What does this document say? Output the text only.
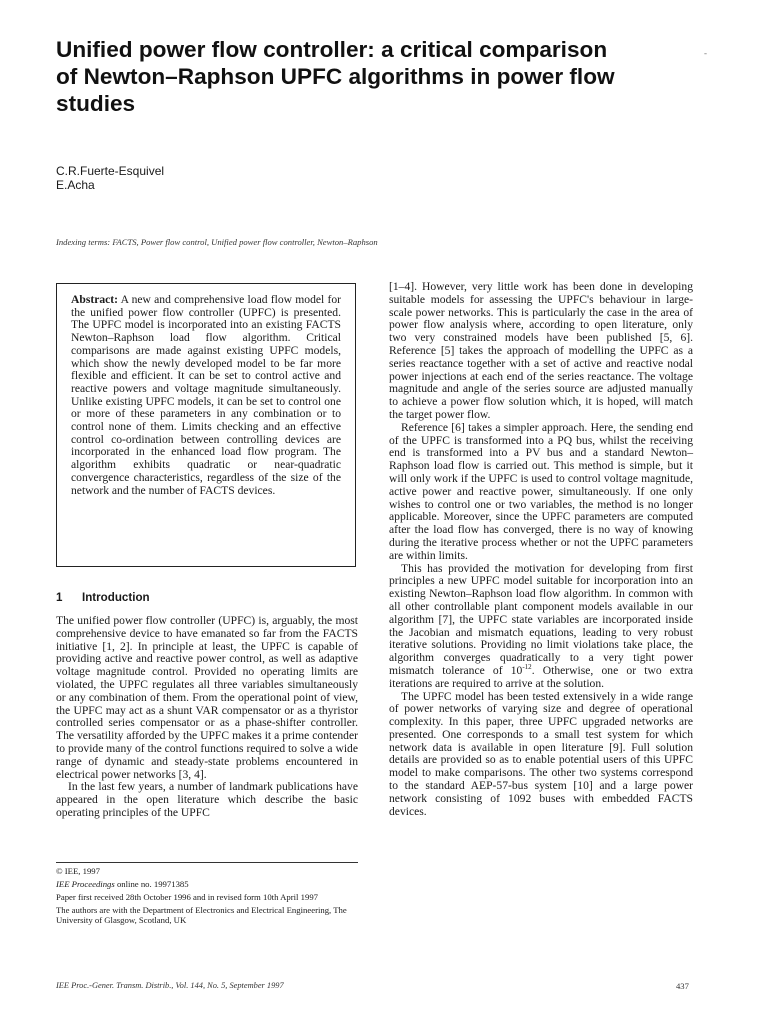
Unified power flow controller: a critical comparison
of Newton–Raphson UPFC algorithms in power flow
studies
-
C.R.Fuerte-Esquivel
E.Acha
Indexing terms: FACTS, Power flow control, Unified power flow controller, Newton–Raphson

Abstract: A new and comprehensive load flow model for the unified power flow controller (UPFC) is presented. The UPFC model is incorporated into an existing FACTS Newton–Raphson load flow algorithm. Critical comparisons are made against existing UPFC models, which show the newly developed model to be far more flexible and efficient. It can be set to control active and reactive powers and voltage magnitude simultaneously. Unlike existing UPFC models, it can be set to control one or more of these parameters in any combination or to control none of them. Limits checking and an effective control co-ordination between controlling devices are incorporated in the enhanced load flow program. The algorithm exhibits quadratic or near-quadratic convergence characteristics, regardless of the size of the network and the number of FACTS devices.

1 Introduction

The unified power flow controller (UPFC) is, arguably, the most comprehensive device to have emanated so far from the FACTS initiative [1, 2]. In principle at least, the UPFC is capable of providing active and reactive power control, as well as adaptive voltage magnitude control. Provided no operating limits are violated, the UPFC regulates all three variables simultaneously or any combination of them. From the operational point of view, the UPFC may act as a shunt VAR compensator or as a thyristor controlled series compensator or as a phase-shifter controller. The versatility afforded by the UPFC makes it a prime contender to provide many of the control functions required to solve a wide range of dynamic and steady-state problems encountered in electrical power networks [3, 4].

In the last few years, a number of landmark publications have appeared in the open literature which describe the basic operating principles of the UPFC

© IEE, 1997

IEE Proceedings online no. 19971385

Paper first received 28th October 1996 and in revised form 10th April 1997

The authors are with the Department of Electronics and Electrical Engineering, The University of Glasgow, Scotland, UK

[1–4]. However, very little work has been done in developing suitable models for assessing the UPFC's behaviour in large-scale power networks. This is particularly the case in the area of power flow analysis where, according to open literature, only two very constrained models have been published [5, 6]. Reference [5] takes the approach of modelling the UPFC as a series reactance together with a set of active and reactive nodal power injections at each end of the series reactance. The voltage magnitude and angle of the series source are adjusted manually to achieve a power flow solution which, it is hoped, will match the target power flow.

Reference [6] takes a simpler approach. Here, the sending end of the UPFC is transformed into a PQ bus, whilst the receiving end is transformed into a PV bus and a standard Newton–Raphson load flow is carried out. This method is simple, but it will only work if the UPFC is used to control voltage magnitude, active power and reactive power, simultaneously. If one only wishes to control one or two variables, the method is no longer applicable. Moreover, since the UPFC parameters are computed after the load flow has converged, there is no way of knowing during the iterative process whether or not the UPFC parameters are within limits.

This has provided the motivation for developing from first principles a new UPFC model suitable for incorporation into an existing Newton–Raphson load flow algorithm. In common with all other controllable plant component models available in our algorithm [7], the UPFC state variables are incorporated inside the Jacobian and mismatch equations, leading to very robust iterative solutions. Providing no limit violations take place, the algorithm converges quadratically to a very tight power mismatch tolerance of $10^{-12}$. Otherwise, one or two extra iterations are required to arrive at the solution.

The UPFC model has been tested extensively in a wide range of power networks of varying size and degree of operational complexity. In this paper, three UPFC upgraded networks are presented. One corresponds to a small test system for which network data is available in open literature [9]. Full solution details are provided so as to enable potential users of this UPFC model to make comparisons. The other two systems correspond to the standard AEP-57-bus system [10] and a large power network consisting of 1092 buses with embedded FACTS devices.

IEE Proc.-Gener. Transm. Distrib., Vol. 144, No. 5, September 1997	437
